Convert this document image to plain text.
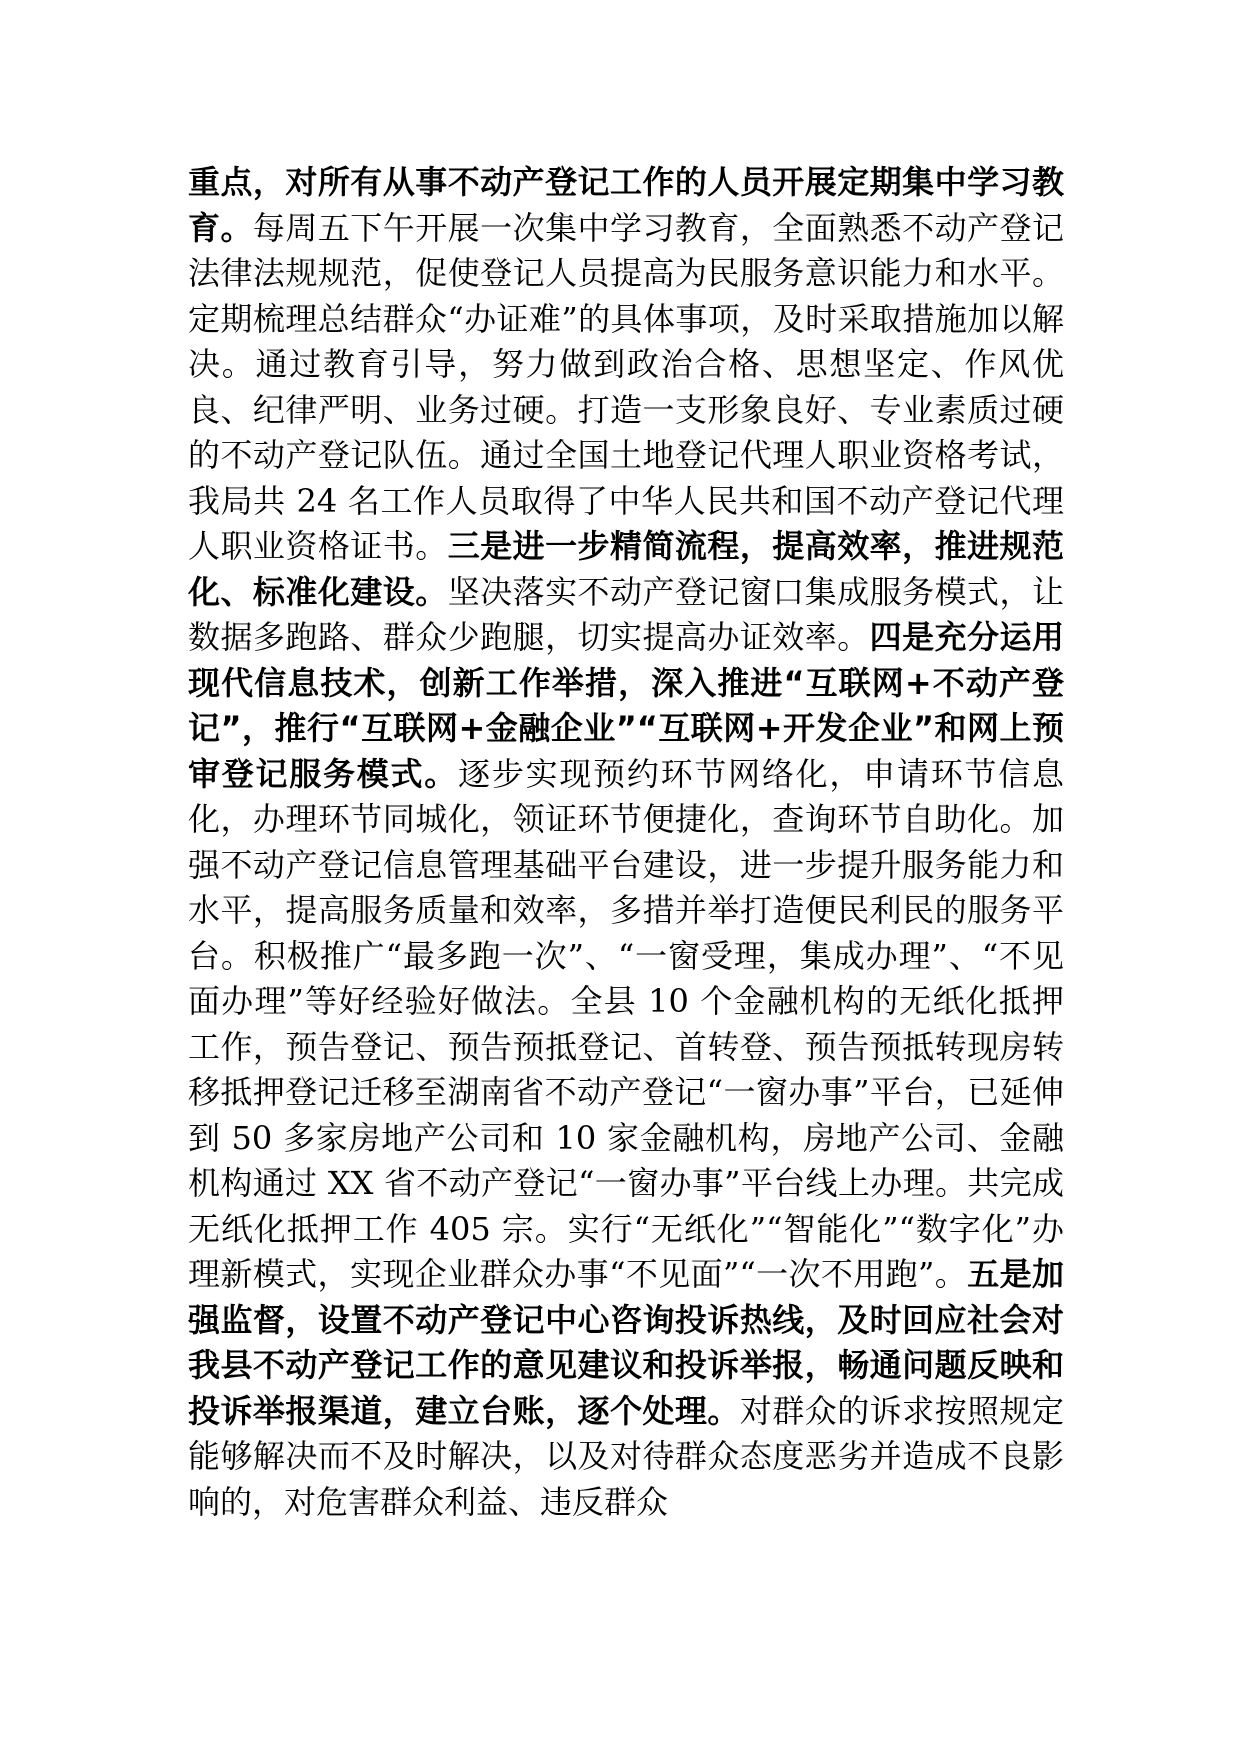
重点，对所有从事不动产登记工作的人员开展定期集中学习教育。每周五下午开展一次集中学习教育，全面熟悉不动产登记法律法规规范，促使登记人员提高为民服务意识能力和水平。定期梳理总结群众“办证难”的具体事项，及时采取措施加以解决。通过教育引导，努力做到政治合格、思想坚定、作风优良、纪律严明、业务过硬。打造一支形象良好、专业素质过硬的不动产登记队伍。通过全国土地登记代理人职业资格考试，我局共 24 名工作人员取得了中华人民共和国不动产登记代理人职业资格证书。三是进一步精简流程，提高效率，推进规范化、标准化建设。坚决落实不动产登记窗口集成服务模式，让数据多跑路、群众少跑腿，切实提高办证效率。四是充分运用现代信息技术，创新工作举措，深入推进“互联网+不动产登记”，推行“互联网+金融企业”“互联网+开发企业”和网上预审登记服务模式。逐步实现预约环节网络化，申请环节信息化，办理环节同城化，领证环节便捷化，查询环节自助化。加强不动产登记信息管理基础平台建设，进一步提升服务能力和水平，提高服务质量和效率，多措并举打造便民利民的服务平台。积极推广“最多跑一次”、“一窗受理，集成办理”、“不见面办理”等好经验好做法。全县 10 个金融机构的无纸化抵押工作，预告登记、预告预抵登记、首转登、预告预抵转现房转移抵押登记迁移至湖南省不动产登记“一窗办事”平台，已延伸到 50 多家房地产公司和 10 家金融机构，房地产公司、金融机构通过 XX 省不动产登记“一窗办事”平台线上办理。共完成无纸化抵押工作 405 宗。实行“无纸化”“智能化”“数字化”办理新模式，实现企业群众办事“不见面”“一次不用跑”。五是加强监督，设置不动产登记中心咨询投诉热线，及时回应社会对我县不动产登记工作的意见建议和投诉举报，畅通问题反映和投诉举报渠道，建立台账，逐个处理。对群众的诉求按照规定能够解决而不及时解决，以及对待群众态度恶劣并造成不良影响的，对危害群众利益、违反群众
